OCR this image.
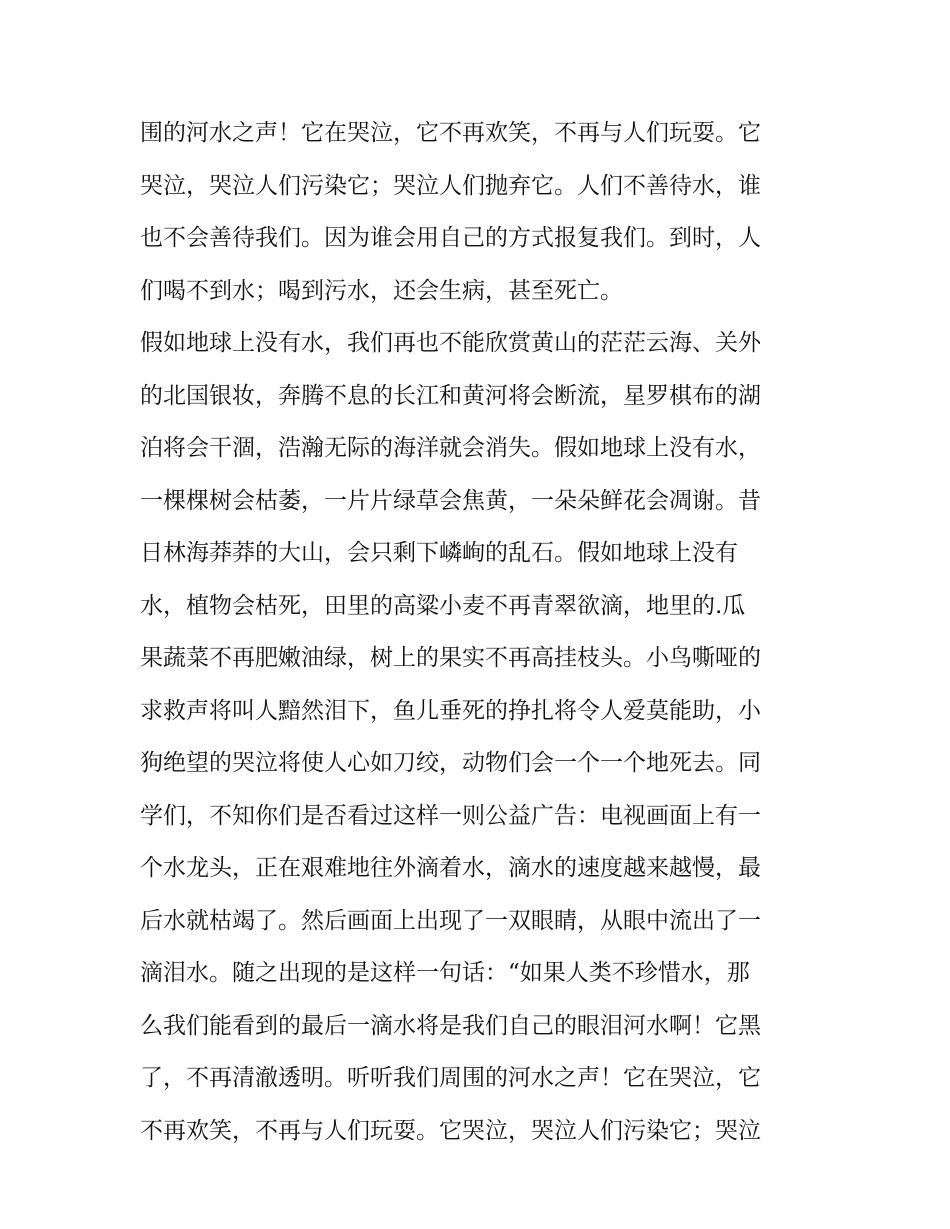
围的河水之声！它在哭泣，它不再欢笑，不再与人们玩耍。它
哭泣，哭泣人们污染它；哭泣人们抛弃它。人们不善待水，谁
也不会善待我们。因为谁会用自己的方式报复我们。到时，人
们喝不到水；喝到污水，还会生病，甚至死亡。
假如地球上没有水，我们再也不能欣赏黄山的茫茫云海、关外
的北国银妆，奔腾不息的长江和黄河将会断流，星罗棋布的湖
泊将会干涸，浩瀚无际的海洋就会消失。假如地球上没有水，
一棵棵树会枯萎，一片片绿草会焦黄，一朵朵鲜花会凋谢。昔
日林海莽莽的大山，会只剩下嶙峋的乱石。假如地球上没有
水，植物会枯死，田里的高粱小麦不再青翠欲滴，地里的.瓜
果蔬菜不再肥嫩油绿，树上的果实不再高挂枝头。小鸟嘶哑的
求救声将叫人黯然泪下，鱼儿垂死的挣扎将令人爱莫能助，小
狗绝望的哭泣将使人心如刀绞，动物们会一个一个地死去。同
学们，不知你们是否看过这样一则公益广告：电视画面上有一
个水龙头，正在艰难地往外滴着水，滴水的速度越来越慢，最
后水就枯竭了。然后画面上出现了一双眼睛，从眼中流出了一
滴泪水。随之出现的是这样一句话：“如果人类不珍惜水，那
么我们能看到的最后一滴水将是我们自己的眼泪河水啊！它黑
了，不再清澈透明。听听我们周围的河水之声！它在哭泣，它
不再欢笑，不再与人们玩耍。它哭泣，哭泣人们污染它；哭泣
